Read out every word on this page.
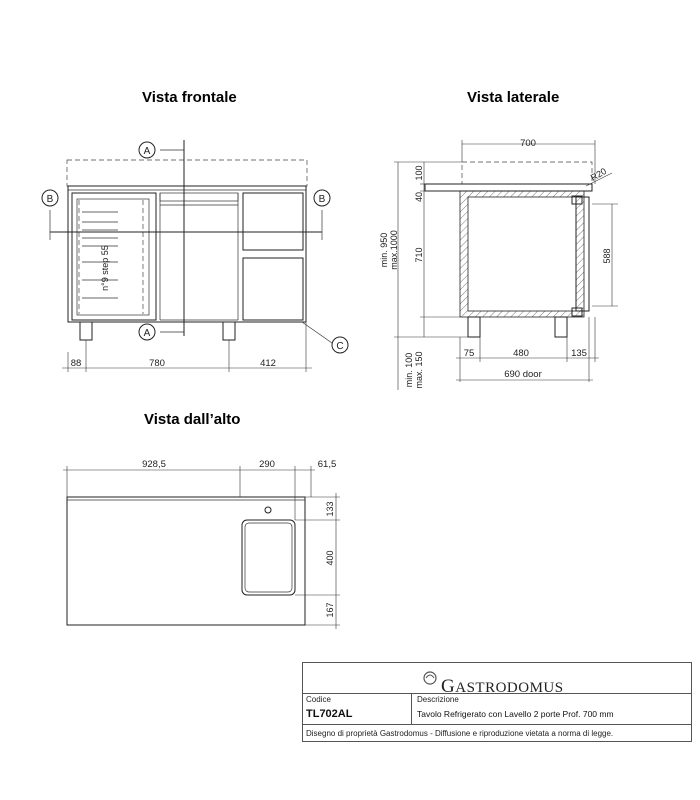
Vista frontale	Vista laterale
Vista dall’alto
n°9 step 55
A
A
B	B
C
88	780	412
700
R20
100
40
710
min. 950 max.1000
min. 100 max. 150
588
75	480	135
690 door
928,5	290	61,5
133
400
167
GASTRODOMUS
Codice
TL702AL
Descrizione
Tavolo Refrigerato con Lavello 2 porte Prof. 700 mm
Disegno di proprietà Gastrodomus - Diffusione e riproduzione vietata a norma di legge.
